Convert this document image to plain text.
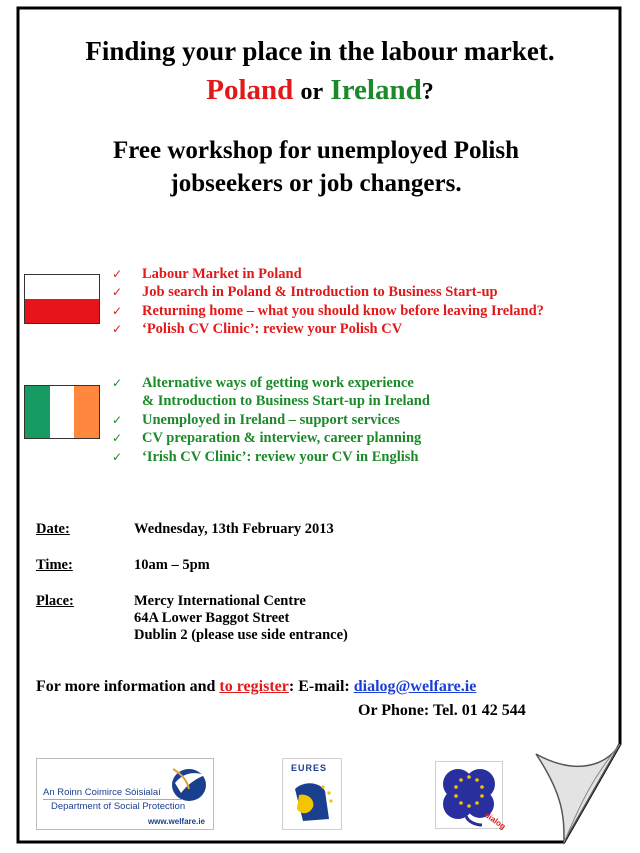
Finding your place in the labour market.
Poland or Ireland?
Free workshop for unemployed Polish
jobseekers or job changers.
✓ Labour Market in Poland
✓ Job search in Poland & Introduction to Business Start-up
✓ Returning home – what you should know before leaving Ireland?
✓ ‘Polish CV Clinic’: review your Polish CV
✓ Alternative ways of getting work experience
& Introduction to Business Start-up in Ireland
✓ Unemployed in Ireland – support services
✓ CV preparation & interview, career planning
✓ ‘Irish CV Clinic’: review your CV in English
Date:	Wednesday, 13th February 2013
Time:	10am – 5pm
Place:	Mercy International Centre
64A Lower Baggot Street
Dublin 2 (please use side entrance)
For more information and to register: E-mail: dialog@welfare.ie
Or Phone: Tel. 01 42 544
An Roinn Coimirce Sóisialaí
Department of Social Protection
www.welfare.ie
EURES
dialog
